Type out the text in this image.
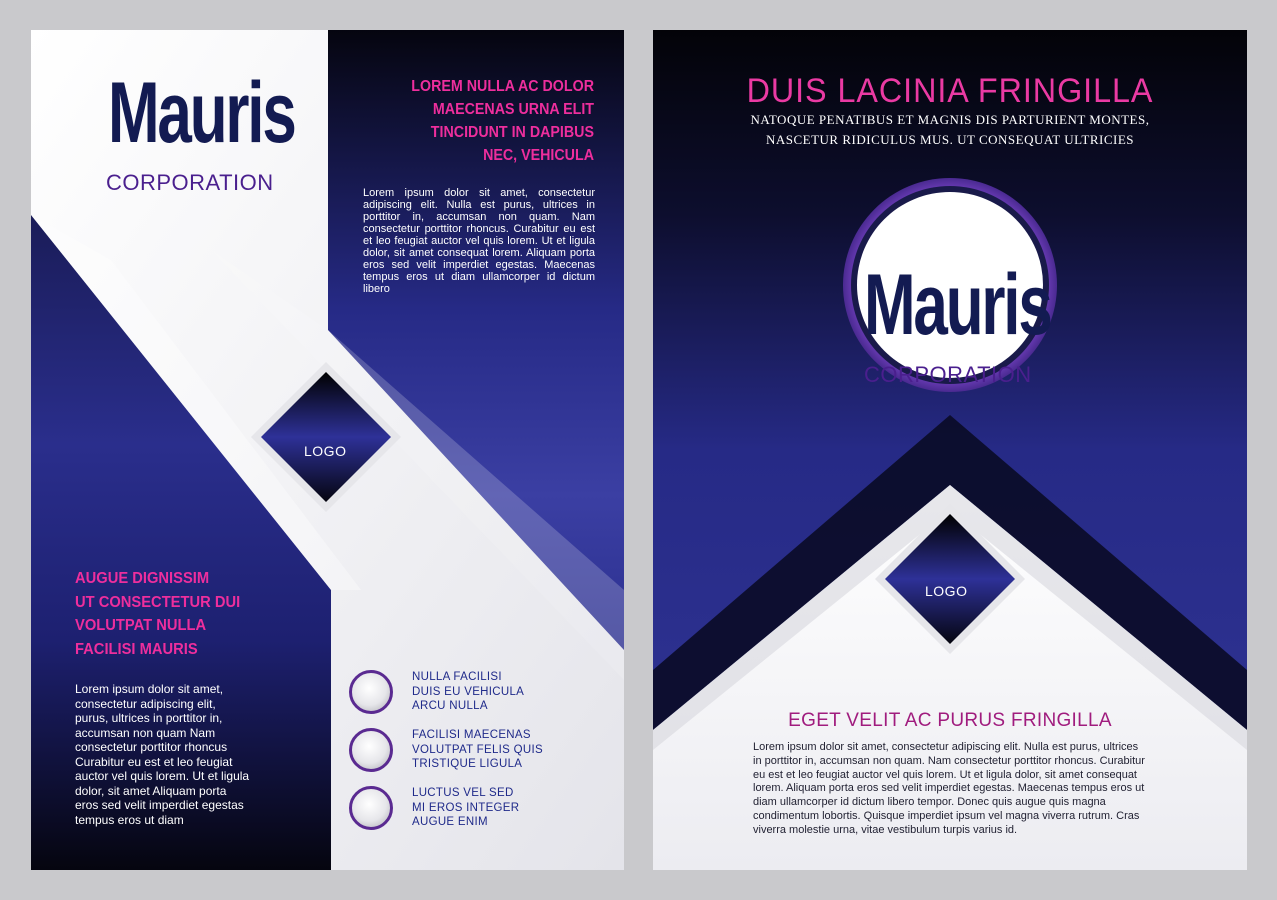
Mauris
CORPORATION
LOREM NULLA AC DOLOR
MAECENAS URNA ELIT
TINCIDUNT IN DAPIBUS
NEC, VEHICULA
Lorem ipsum dolor sit amet, consectetur adipiscing elit. Nulla est purus, ultrices in porttitor in, accumsan non quam. Nam consectetur porttitor rhoncus. Curabitur eu est et leo feugiat auctor vel quis lorem. Ut et ligula dolor, sit amet consequat lorem. Aliquam porta eros sed velit imperdiet egestas. Maecenas tempus eros ut diam ullamcorper id dictum libero
LOGO
AUGUE DIGNISSIM
UT CONSECTETUR DUI
VOLUTPAT NULLA
FACILISI MAURIS
Lorem ipsum dolor sit amet,
consectetur adipiscing elit,
purus, ultrices in porttitor in,
accumsan non quam Nam
consectetur porttitor rhoncus
Curabitur eu est et leo feugiat
auctor vel quis lorem. Ut et ligula
dolor, sit amet Aliquam porta
eros sed velit imperdiet egestas
tempus eros ut diam
NULLA FACILISI
DUIS EU VEHICULA
ARCU NULLA
FACILISI MAECENAS
VOLUTPAT FELIS QUIS
TRISTIQUE LIGULA
LUCTUS VEL SED
MI EROS INTEGER
AUGUE ENIM
DUIS LACINIA FRINGILLA
NATOQUE PENATIBUS ET MAGNIS DIS PARTURIENT MONTES,
NASCETUR RIDICULUS MUS. UT CONSEQUAT ULTRICIES
Mauris
CORPORATION
LOGO
EGET VELIT AC PURUS FRINGILLA
Lorem ipsum dolor sit amet, consectetur adipiscing elit. Nulla est purus, ultrices in porttitor in, accumsan non quam. Nam consectetur porttitor rhoncus. Curabitur eu est et leo feugiat auctor vel quis lorem. Ut et ligula dolor, sit amet consequat lorem. Aliquam porta eros sed velit imperdiet egestas. Maecenas tempus eros ut diam ullamcorper id dictum libero tempor. Donec quis augue quis magna condimentum lobortis. Quisque imperdiet ipsum vel magna viverra rutrum. Cras viverra molestie urna, vitae vestibulum turpis varius id.
